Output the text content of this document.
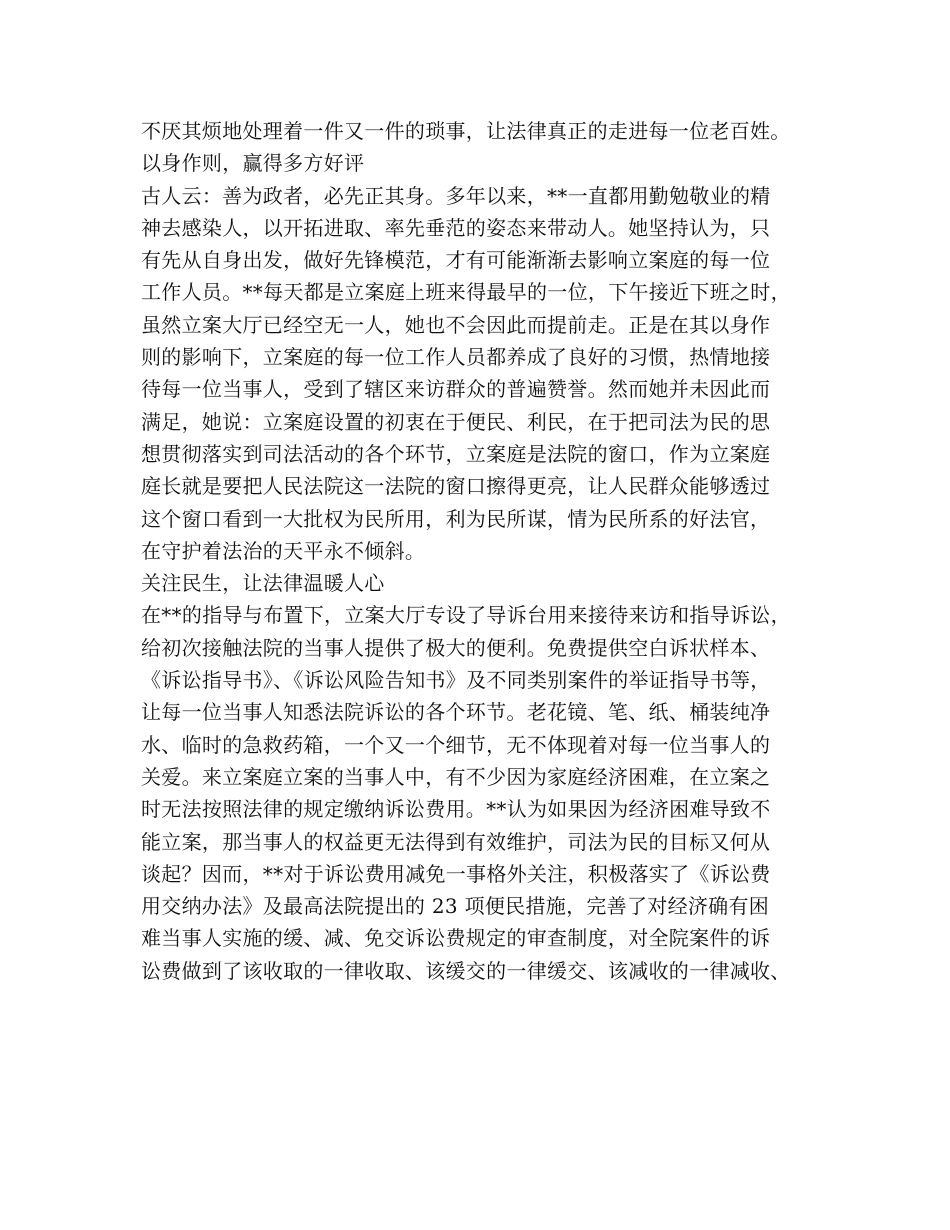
不厌其烦地处理着一件又一件的琐事，让法律真正的走进每一位老百姓。
以身作则，赢得多方好评
古人云：善为政者，必先正其身。多年以来，**一直都用勤勉敬业的精
神去感染人，以开拓进取、率先垂范的姿态来带动人。她坚持认为，只
有先从自身出发，做好先锋模范，才有可能渐渐去影响立案庭的每一位
工作人员。**每天都是立案庭上班来得最早的一位，下午接近下班之时，
虽然立案大厅已经空无一人，她也不会因此而提前走。正是在其以身作
则的影响下，立案庭的每一位工作人员都养成了良好的习惯，热情地接
待每一位当事人，受到了辖区来访群众的普遍赞誉。然而她并未因此而
满足，她说：立案庭设置的初衷在于便民、利民，在于把司法为民的思
想贯彻落实到司法活动的各个环节，立案庭是法院的窗口，作为立案庭
庭长就是要把人民法院这一法院的窗口擦得更亮，让人民群众能够透过
这个窗口看到一大批权为民所用，利为民所谋，情为民所系的好法官，
在守护着法治的天平永不倾斜。
关注民生，让法律温暖人心
在**的指导与布置下，立案大厅专设了导诉台用来接待来访和指导诉讼，
给初次接触法院的当事人提供了极大的便利。免费提供空白诉状样本、
《诉讼指导书》、《诉讼风险告知书》及不同类别案件的举证指导书等，
让每一位当事人知悉法院诉讼的各个环节。老花镜、笔、纸、桶装纯净
水、临时的急救药箱，一个又一个细节，无不体现着对每一位当事人的
关爱。来立案庭立案的当事人中，有不少因为家庭经济困难，在立案之
时无法按照法律的规定缴纳诉讼费用。**认为如果因为经济困难导致不
能立案，那当事人的权益更无法得到有效维护，司法为民的目标又何从
谈起？因而，**对于诉讼费用减免一事格外关注，积极落实了《诉讼费
用交纳办法》及最高法院提出的 23 项便民措施，完善了对经济确有困
难当事人实施的缓、减、免交诉讼费规定的审查制度，对全院案件的诉
讼费做到了该收取的一律收取、该缓交的一律缓交、该减收的一律减收、
